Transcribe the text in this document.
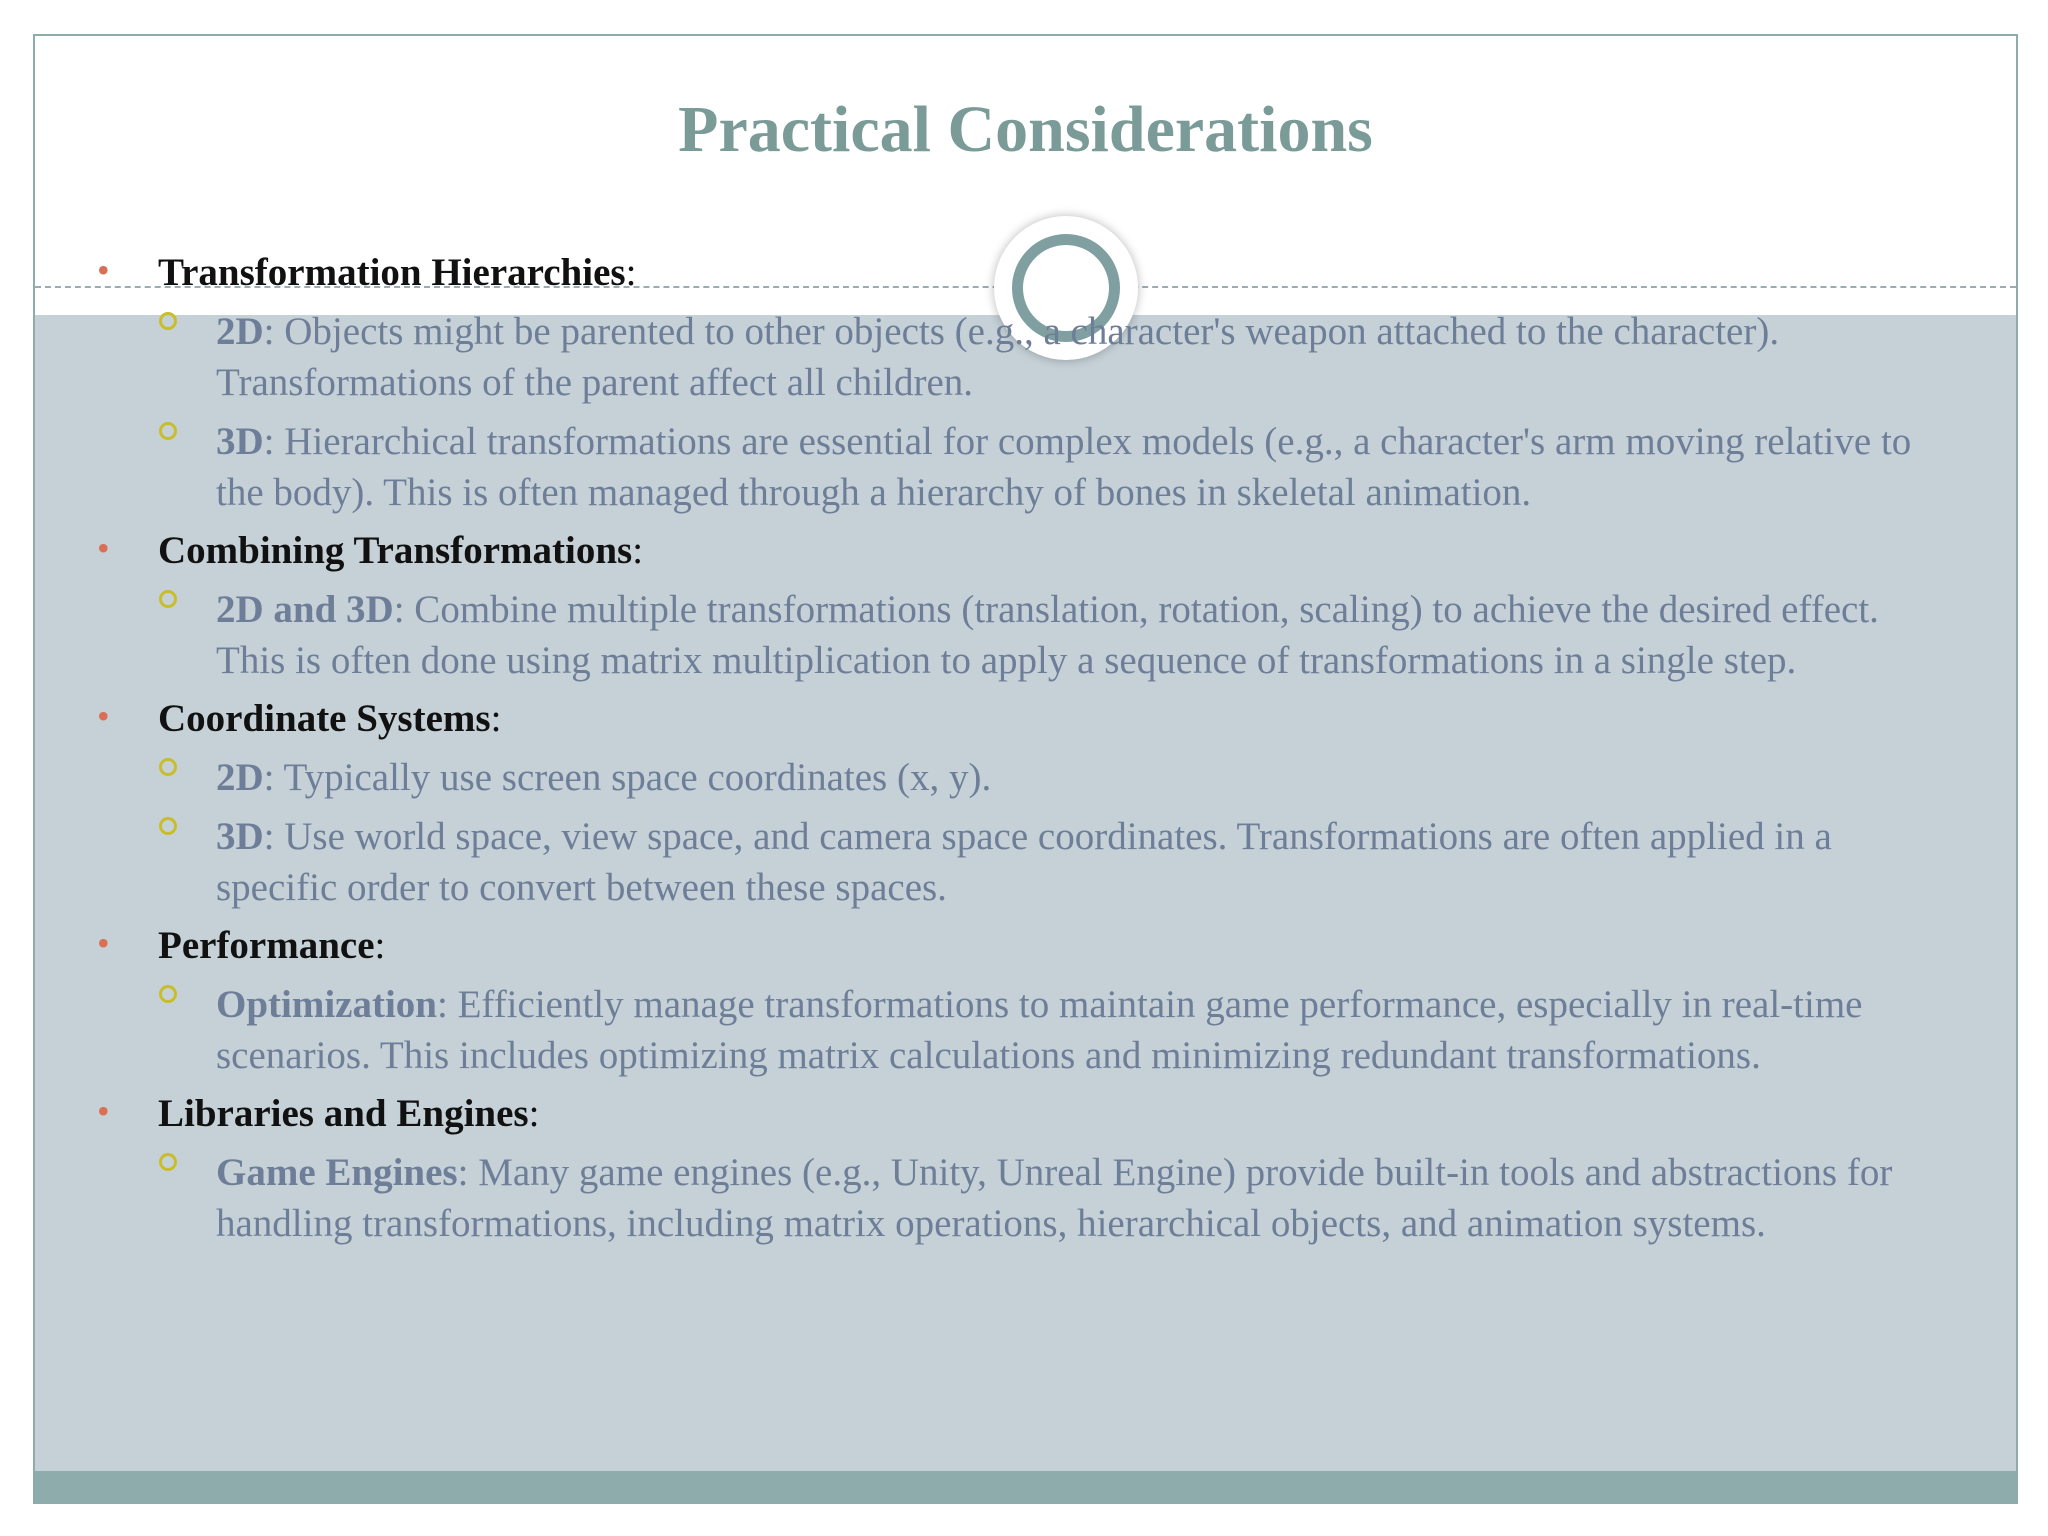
Practical Considerations
• Transformation Hierarchies:
2D: Objects might be parented to other objects (e.g., a character's weapon attached to the character). Transformations of the parent affect all children.
3D: Hierarchical transformations are essential for complex models (e.g., a character's arm moving relative to the body). This is often managed through a hierarchy of bones in skeletal animation.
• Combining Transformations:
2D and 3D: Combine multiple transformations (translation, rotation, scaling) to achieve the desired effect. This is often done using matrix multiplication to apply a sequence of transformations in a single step.
• Coordinate Systems:
2D: Typically use screen space coordinates (x, y).
3D: Use world space, view space, and camera space coordinates. Transformations are often applied in a specific order to convert between these spaces.
• Performance:
Optimization: Efficiently manage transformations to maintain game performance, especially in real-time scenarios. This includes optimizing matrix calculations and minimizing redundant transformations.
• Libraries and Engines:
Game Engines: Many game engines (e.g., Unity, Unreal Engine) provide built-in tools and abstractions for handling transformations, including matrix operations, hierarchical objects, and animation systems.
